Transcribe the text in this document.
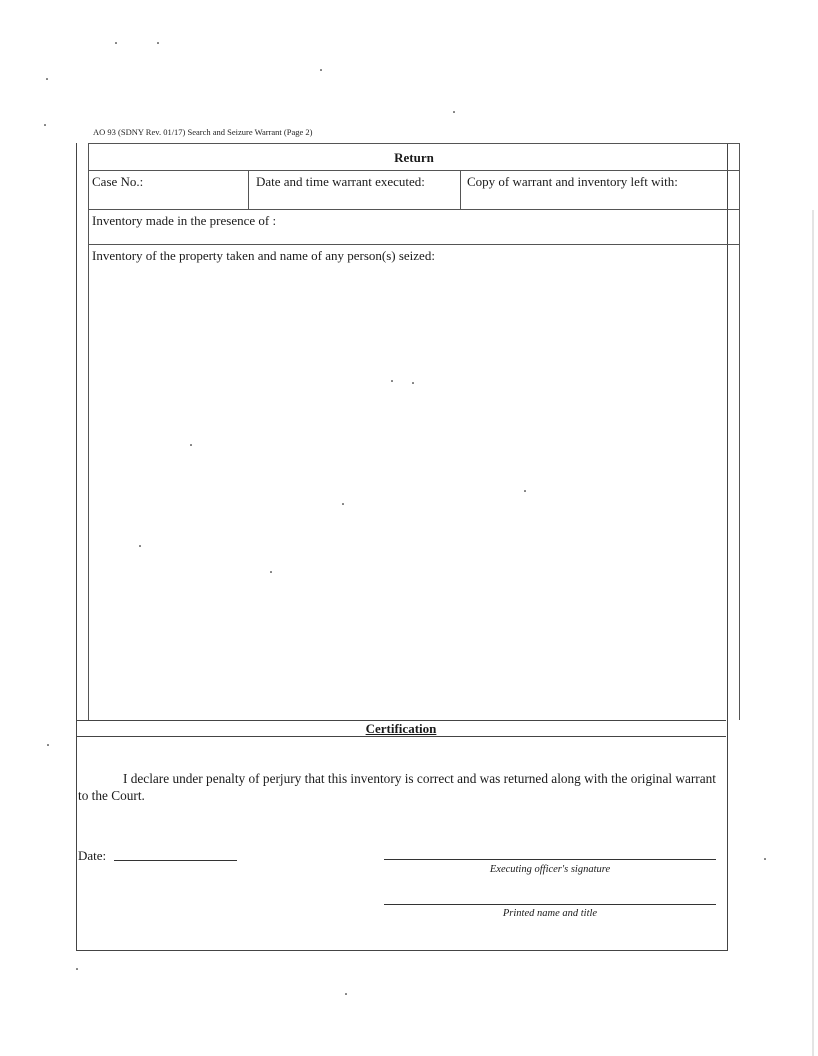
AO 93 (SDNY Rev. 01/17) Search and Seizure Warrant (Page 2)
Return
Case No.:	Date and time warrant executed:	Copy of warrant and inventory left with:
Inventory made in the presence of :
Inventory of the property taken and name of any person(s) seized:
Certification
I declare under penalty of perjury that this inventory is correct and was returned along with the original warrant to the Court.
Date:
Executing officer's signature
Printed name and title
